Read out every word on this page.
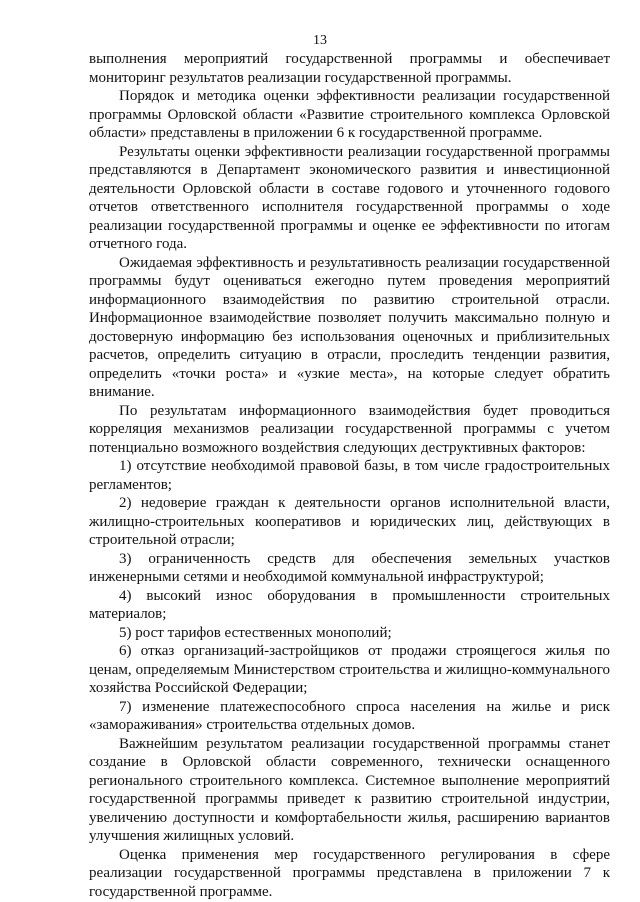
13

выполнения мероприятий государственной программы и обеспечивает мониторинг результатов реализации государственной программы.

Порядок и методика оценки эффективности реализации государственной программы Орловской области «Развитие строительного комплекса Орловской области» представлены в приложении 6 к государственной программе.

Результаты оценки эффективности реализации государственной программы представляются в Департамент экономического развития и инвестиционной деятельности Орловской области в составе годового и уточненного годового отчетов ответственного исполнителя государственной программы о ходе реализации государственной программы и оценке ее эффективности по итогам отчетного года.

Ожидаемая эффективность и результативность реализации государственной программы будут оцениваться ежегодно путем проведения мероприятий информационного взаимодействия по развитию строительной отрасли. Информационное взаимодействие позволяет получить максимально полную и достоверную информацию без использования оценочных и приблизительных расчетов, определить ситуацию в отрасли, проследить тенденции развития, определить «точки роста» и «узкие места», на которые следует обратить внимание.

По результатам информационного взаимодействия будет проводиться корреляция механизмов реализации государственной программы с учетом потенциально возможного воздействия следующих деструктивных факторов:

1) отсутствие необходимой правовой базы, в том числе градостроительных регламентов;

2) недоверие граждан к деятельности органов исполнительной власти, жилищно-строительных кооперативов и юридических лиц, действующих в строительной отрасли;

3) ограниченность средств для обеспечения земельных участков инженерными сетями и необходимой коммунальной инфраструктурой;

4) высокий износ оборудования в промышленности строительных материалов;

5) рост тарифов естественных монополий;

6) отказ организаций-застройщиков от продажи строящегося жилья по ценам, определяемым Министерством строительства и жилищно-коммунального хозяйства Российской Федерации;

7) изменение платежеспособного спроса населения на жилье и риск «замораживания» строительства отдельных домов.

Важнейшим результатом реализации государственной программы станет создание в Орловской области современного, технически оснащенного регионального строительного комплекса. Системное выполнение мероприятий государственной программы приведет к развитию строительной индустрии, увеличению доступности и комфортабельности жилья, расширению вариантов улучшения жилищных условий.

Оценка применения мер государственного регулирования в сфере реализации государственной программы представлена в приложении 7 к государственной программе.
